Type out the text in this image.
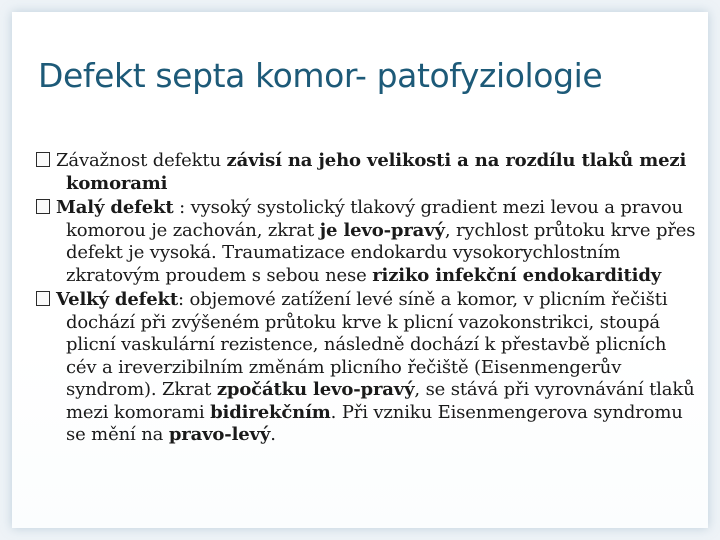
Defekt septa komor- patofyziologie

Závažnost defektu závisí na jeho velikosti a na rozdílu tlaků mezi komorami

Malý defekt : vysoký systolický tlakový gradient mezi levou a pravou komorou je zachován, zkrat je levo-pravý, rychlost průtoku krve přes defekt je vysoká. Traumatizace endokardu vysokorychlostním zkratovým proudem s sebou nese riziko infekční endokarditidy

Velký defekt: objemové zatížení levé síně a komor, v plicním řečišti dochází při zvýšeném průtoku krve k plicní vazokonstrikci, stoupá plicní vaskulární rezistence, následně dochází k přestavbě plicních cév a ireverzibilním změnám plicního řečiště (Eisenmengerův syndrom). Zkrat zpočátku levo-pravý, se stává při vyrovnávání tlaků mezi komorami bidirekčním. Při vzniku Eisenmengerova syndromu se mění na pravo-levý.
